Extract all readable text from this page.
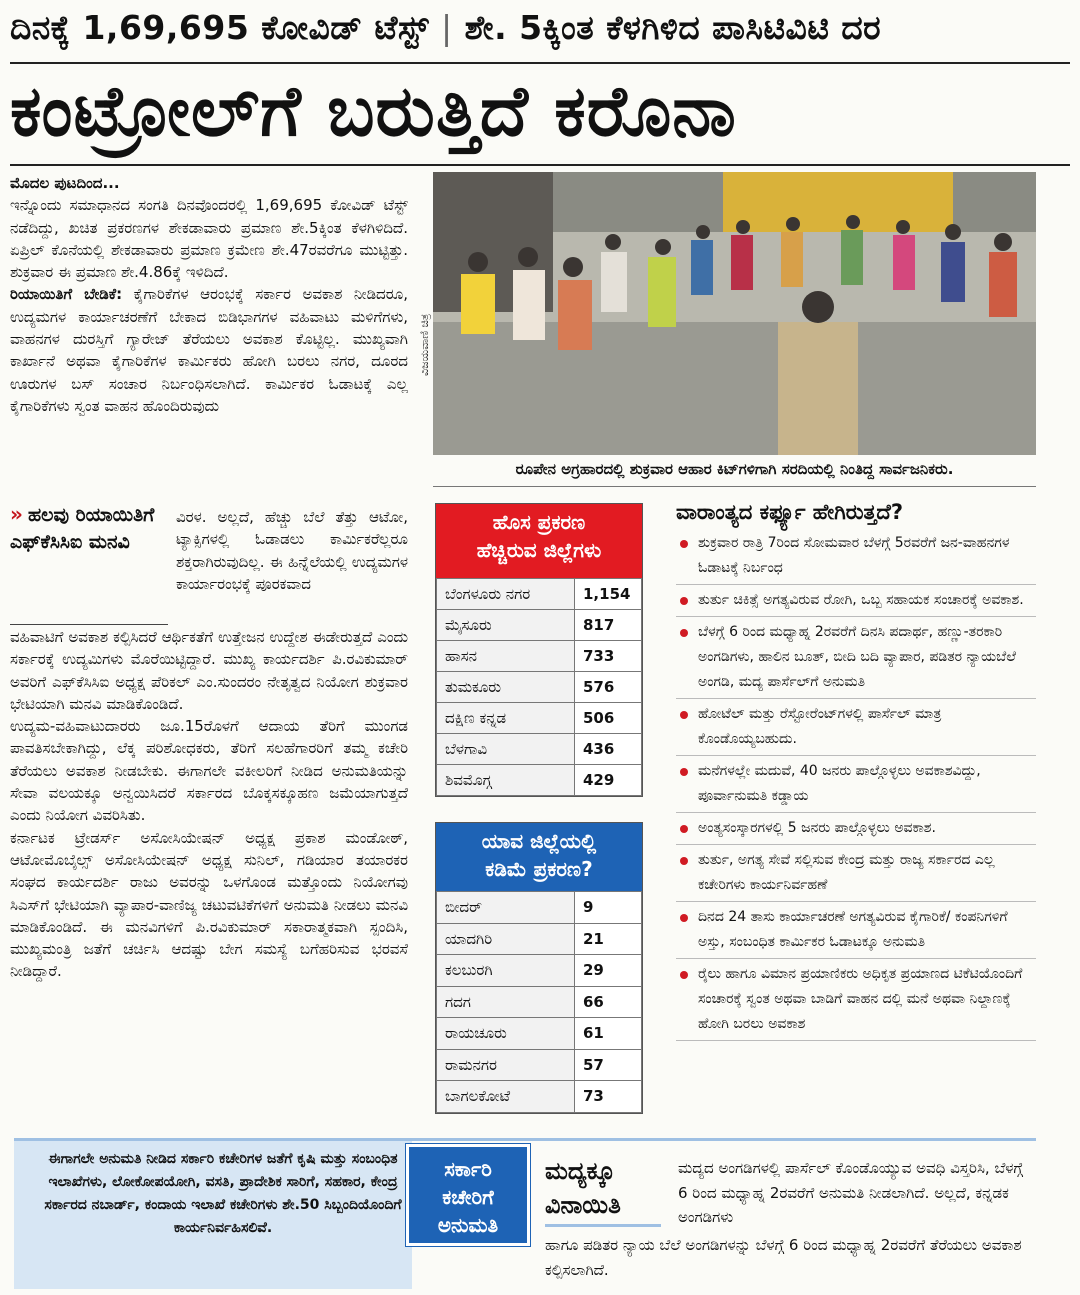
ದಿನಕ್ಕೆ 1,69,695 ಕೋವಿಡ್ ಟೆಸ್ಟ್ | ಶೇ. 5ಕ್ಕಿಂತ ಕೆಳಗಿಳಿದ ಪಾಸಿಟಿವಿಟಿ ದರ
ಕಂಟ್ರೋಲ್‌ಗೆ ಬರುತ್ತಿದೆ ಕರೊನಾ

ಮೊದಲ ಪುಟದಿಂದ...

ಇನ್ನೊಂದು ಸಮಾಧಾನದ ಸಂಗತಿ ದಿನವೊಂದರಲ್ಲಿ 1,69,695 ಕೋವಿಡ್ ಟೆಸ್ಟ್ ನಡೆದಿದ್ದು, ಖಚಿತ ಪ್ರಕರಣಗಳ ಶೇಕಡಾವಾರು ಪ್ರಮಾಣ ಶೇ.5ಕ್ಕಿಂತ ಕೆಳಗಿಳಿದಿದೆ. ಏಪ್ರಿಲ್ ಕೊನೆಯಲ್ಲಿ ಶೇಕಡಾವಾರು ಪ್ರಮಾಣ ಕ್ರಮೇಣ ಶೇ.47ರವರೆಗೂ ಮುಟ್ಟಿತ್ತು. ಶುಕ್ರವಾರ ಈ ಪ್ರಮಾಣ ಶೇ.4.86ಕ್ಕೆ ಇಳಿದಿದೆ.

ರಿಯಾಯಿತಿಗೆ ಬೇಡಿಕೆ: ಕೈಗಾರಿಕೆಗಳ ಆರಂಭಕ್ಕೆ ಸರ್ಕಾರ ಅವಕಾಶ ನೀಡಿದರೂ, ಉದ್ಯಮಗಳ ಕಾರ್ಯಾಚರಣೆಗೆ ಬೇಕಾದ ಬಿಡಿಭಾಗಗಳ ವಹಿವಾಟು ಮಳಿಗೆಗಳು, ವಾಹನಗಳ ದುರಸ್ತಿಗೆ ಗ್ಯಾರೇಜ್ ತೆರೆಯಲು ಅವಕಾಶ ಕೊಟ್ಟಿಲ್ಲ. ಮುಖ್ಯವಾಗಿ ಕಾರ್ಖಾನೆ ಅಥವಾ ಕೈಗಾರಿಕೆಗಳ ಕಾರ್ಮಿಕರು ಹೋಗಿ ಬರಲು ನಗರ, ದೂರದ ಊರುಗಳ ಬಸ್ ಸಂಚಾರ ನಿರ್ಬಂಧಿಸಲಾಗಿದೆ. ಕಾರ್ಮಿಕರ ಓಡಾಟಕ್ಕೆ ಎಲ್ಲ ಕೈಗಾರಿಕೆಗಳು ಸ್ವಂತ ವಾಹನ ಹೊಂದಿರುವುದು

» ಹಲವು ರಿಯಾಯಿತಿಗೆ ಎಫ್‌ಕೆಸಿಸಿಐ ಮನವಿ
ವಿರಳ. ಅಲ್ಲದೆ, ಹೆಚ್ಚು ಬೆಲೆ ತೆತ್ತು ಆಟೋ, ಟ್ಯಾಕ್ಸಿಗಳಲ್ಲಿ ಓಡಾಡಲು ಕಾರ್ಮಿಕರೆಲ್ಲರೂ ಶಕ್ತರಾಗಿರುವುದಿಲ್ಲ. ಈ ಹಿನ್ನೆಲೆಯಲ್ಲಿ ಉದ್ಯಮಗಳ ಕಾರ್ಯಾರಂಭಕ್ಕೆ ಪೂರಕವಾದ

ವಹಿವಾಟಿಗೆ ಅವಕಾಶ ಕಲ್ಪಿಸಿದರೆ ಆರ್ಥಿಕತೆಗೆ ಉತ್ತೇಜನ ಉದ್ದೇಶ ಈಡೇರುತ್ತದೆ ಎಂದು ಸರ್ಕಾರಕ್ಕೆ ಉದ್ಯಮಿಗಳು ಮೊರೆಯಿಟ್ಟಿದ್ದಾರೆ. ಮುಖ್ಯ ಕಾರ್ಯದರ್ಶಿ ಪಿ.ರವಿಕುಮಾರ್ ಅವರಿಗೆ ಎಫ್‌ಕೆಸಿಸಿಐ ಅಧ್ಯಕ್ಷ ಪೆರಿಕಲ್ ಎಂ.ಸುಂದರಂ ನೇತೃತ್ವದ ನಿಯೋಗ ಶುಕ್ರವಾರ ಭೇಟಿಯಾಗಿ ಮನವಿ ಮಾಡಿಕೊಂಡಿದೆ.

ಉದ್ಯಮ-ವಹಿವಾಟುದಾರರು ಜೂ.15ರೊಳಗೆ ಆದಾಯ ತೆರಿಗೆ ಮುಂಗಡ ಪಾವತಿಸಬೇಕಾಗಿದ್ದು, ಲೆಕ್ಕ ಪರಿಶೋಧಕರು, ತೆರಿಗೆ ಸಲಹೆಗಾರರಿಗೆ ತಮ್ಮ ಕಚೇರಿ ತೆರೆಯಲು ಅವಕಾಶ ನೀಡಬೇಕು. ಈಗಾಗಲೇ ವಕೀಲರಿಗೆ ನೀಡಿದ ಅನುಮತಿಯನ್ನು ಸೇವಾ ವಲಯಕ್ಕೂ ಅನ್ವಯಿಸಿದರೆ ಸರ್ಕಾರದ ಬೊಕ್ಕಸಕ್ಕೂಹಣ ಜಮೆಯಾಗುತ್ತದೆ ಎಂದು ನಿಯೋಗ ವಿವರಿಸಿತು.

ಕರ್ನಾಟಕ ಟ್ರೇಡರ್ಸ್ ಅಸೋಸಿಯೇಷನ್ ಅಧ್ಯಕ್ಷ ಪ್ರಕಾಶ ಮಂಡೋಠ್, ಆಟೋಮೊಬೈಲ್ಸ್ ಅಸೋಸಿಯೇಷನ್ ಅಧ್ಯಕ್ಷ ಸುನಿಲ್, ಗಡಿಯಾರ ತಯಾರಕರ ಸಂಘದ ಕಾರ್ಯದರ್ಶಿ ರಾಜು ಅವರನ್ನು ಒಳಗೊಂಡ ಮತ್ತೊಂದು ನಿಯೋಗವು ಸಿಎಸ್‌ಗೆ ಭೇಟಿಯಾಗಿ ವ್ಯಾಪಾರ-ವಾಣಿಜ್ಯ ಚಟುವಟಿಕೆಗಳಿಗೆ ಅನುಮತಿ ನೀಡಲು ಮನವಿ ಮಾಡಿಕೊಂಡಿದೆ. ಈ ಮನವಿಗಳಿಗೆ ಪಿ.ರವಿಕುಮಾರ್ ಸಕಾರಾತ್ಮಕವಾಗಿ ಸ್ಪಂದಿಸಿ, ಮುಖ್ಯಮಂತ್ರಿ ಜತೆಗೆ ಚರ್ಚಿಸಿ ಆದಷ್ಟು ಬೇಗ ಸಮಸ್ಯೆ ಬಗೆಹರಿಸುವ ಭರವಸೆ ನೀಡಿದ್ದಾರೆ.

ವಿಜಯವಾಣಿ ಚಿತ್ರ
ರೂಪೇನ ಅಗ್ರಹಾರದಲ್ಲಿ ಶುಕ್ರವಾರ ಆಹಾರ ಕಿಟ್‌ಗಳಿಗಾಗಿ ಸರದಿಯಲ್ಲಿ ನಿಂತಿದ್ದ ಸಾರ್ವಜನಿಕರು.
ಹೊಸ ಪ್ರಕರಣ
ಹೆಚ್ಚಿರುವ ಜಿಲ್ಲೆಗಳು
ಬೆಂಗಳೂರು ನಗರ	1,154
ಮೈಸೂರು	817
ಹಾಸನ	733
ತುಮಕೂರು	576
ದಕ್ಷಿಣ ಕನ್ನಡ	506
ಬೆಳಗಾವಿ	436
ಶಿವಮೊಗ್ಗ	429
ಯಾವ ಜಿಲ್ಲೆಯಲ್ಲಿ
ಕಡಿಮೆ ಪ್ರಕರಣ?
ಬೀದರ್	9
ಯಾದಗಿರಿ	21
ಕಲಬುರಗಿ	29
ಗದಗ	66
ರಾಯಚೂರು	61
ರಾಮನಗರ	57
ಬಾಗಲಕೋಟೆ	73
ವಾರಾಂತ್ಯದ ಕರ್ಫ್ಯೂ ಹೇಗಿರುತ್ತದೆ?
ಶುಕ್ರವಾರ ರಾತ್ರಿ 7ರಿಂದ ಸೋಮವಾರ ಬೆಳಗ್ಗೆ 5ರವರೆಗೆ ಜನ-ವಾಹನಗಳ ಓಡಾಟಕ್ಕೆ ನಿರ್ಬಂಧ
ತುರ್ತು ಚಿಕಿತ್ಸೆ ಅಗತ್ಯವಿರುವ ರೋಗಿ, ಒಬ್ಬ ಸಹಾಯಕ ಸಂಚಾರಕ್ಕೆ ಅವಕಾಶ.
ಬೆಳಗ್ಗೆ 6 ರಿಂದ ಮಧ್ಯಾಹ್ನ 2ರವರೆಗೆ ದಿನಸಿ ಪದಾರ್ಥ, ಹಣ್ಣು-ತರಕಾರಿ ಅಂಗಡಿಗಳು, ಹಾಲಿನ ಬೂತ್, ಬೀದಿ ಬದಿ ವ್ಯಾಪಾರ, ಪಡಿತರ ನ್ಯಾಯಬೆಲೆ ಅಂಗಡಿ, ಮದ್ಯ ಪಾರ್ಸೆಲ್‌ಗೆ ಅನುಮತಿ
ಹೋಟೆಲ್ ಮತ್ತು ರೆಸ್ಟೋರೆಂಟ್‌ಗಳಲ್ಲಿ ಪಾರ್ಸೆಲ್ ಮಾತ್ರ ಕೊಂಡೊಯ್ಯಬಹುದು.
ಮನೆಗಳಲ್ಲೇ ಮದುವೆ, 40 ಜನರು ಪಾಲ್ಗೊಳ್ಳಲು ಅವಕಾಶವಿದ್ದು, ಪೂರ್ವಾನುಮತಿ ಕಡ್ಡಾಯ
ಅಂತ್ಯಸಂಸ್ಕಾರಗಳಲ್ಲಿ 5 ಜನರು ಪಾಲ್ಗೊಳ್ಳಲು ಅವಕಾಶ.
ತುರ್ತು, ಅಗತ್ಯ ಸೇವೆ ಸಲ್ಲಿಸುವ ಕೇಂದ್ರ ಮತ್ತು ರಾಜ್ಯ ಸರ್ಕಾರದ ಎಲ್ಲ ಕಚೇರಿಗಳು ಕಾರ್ಯನಿರ್ವಹಣೆ
ದಿನದ 24 ತಾಸು ಕಾರ್ಯಾಚರಣೆ ಅಗತ್ಯವಿರುವ ಕೈಗಾರಿಕೆ/ ಕಂಪನಿಗಳಿಗೆ ಅಸ್ತು, ಸಂಬಂಧಿತ ಕಾರ್ಮಿಕರ ಓಡಾಟಕ್ಕೂ ಅನುಮತಿ
ರೈಲು ಹಾಗೂ ವಿಮಾನ ಪ್ರಯಾಣಿಕರು ಅಧಿಕೃತ ಪ್ರಯಾಣದ ಟಿಕೆಟಿಯೊಂದಿಗೆ ಸಂಚಾರಕ್ಕೆ ಸ್ವಂತ ಅಥವಾ ಬಾಡಿಗೆ ವಾಹನ ದಲ್ಲಿ ಮನೆ ಅಥವಾ ನಿಲ್ದಾಣಕ್ಕೆ ಹೋಗಿ ಬರಲು ಅವಕಾಶ
ಈಗಾಗಲೇ ಅನುಮತಿ ನೀಡಿದ ಸರ್ಕಾರಿ ಕಚೇರಿಗಳ ಜತೆಗೆ ಕೃಷಿ ಮತ್ತು ಸಂಬಂಧಿತ ಇಲಾಖೆಗಳು, ಲೋಕೋಪಯೋಗಿ, ವಸತಿ, ಪ್ರಾದೇಶಿಕ ಸಾರಿಗೆ, ಸಹಕಾರ, ಕೇಂದ್ರ ಸರ್ಕಾರದ ನಬಾರ್ಡ್, ಕಂದಾಯ ಇಲಾಖೆ ಕಚೇರಿಗಳು ಶೇ.50 ಸಿಬ್ಬಂದಿಯೊಂದಿಗೆ ಕಾರ್ಯನಿರ್ವಹಿಸಲಿವೆ.
ಸರ್ಕಾರಿ
ಕಚೇರಿಗೆ
ಅನುಮತಿ
ಮದ್ಯಕ್ಕೂ
ವಿನಾಯಿತಿ
ಮದ್ಯದ ಅಂಗಡಿಗಳಲ್ಲಿ ಪಾರ್ಸೆಲ್ ಕೊಂಡೊಯ್ಯುವ ಅವಧಿ ವಿಸ್ತರಿಸಿ, ಬೆಳಗ್ಗೆ 6 ರಿಂದ ಮಧ್ಯಾಹ್ನ 2ರವರೆಗೆ ಅನುಮತಿ ನೀಡಲಾಗಿದೆ. ಅಲ್ಲದೆ, ಕನ್ನಡಕ ಅಂಗಡಿಗಳು
ಹಾಗೂ ಪಡಿತರ ನ್ಯಾಯ ಬೆಲೆ ಅಂಗಡಿಗಳನ್ನು ಬೆಳಗ್ಗೆ 6 ರಿಂದ ಮಧ್ಯಾಹ್ನ 2ರವರೆಗೆ ತೆರೆಯಲು ಅವಕಾಶ ಕಲ್ಪಿಸಲಾಗಿದೆ.
